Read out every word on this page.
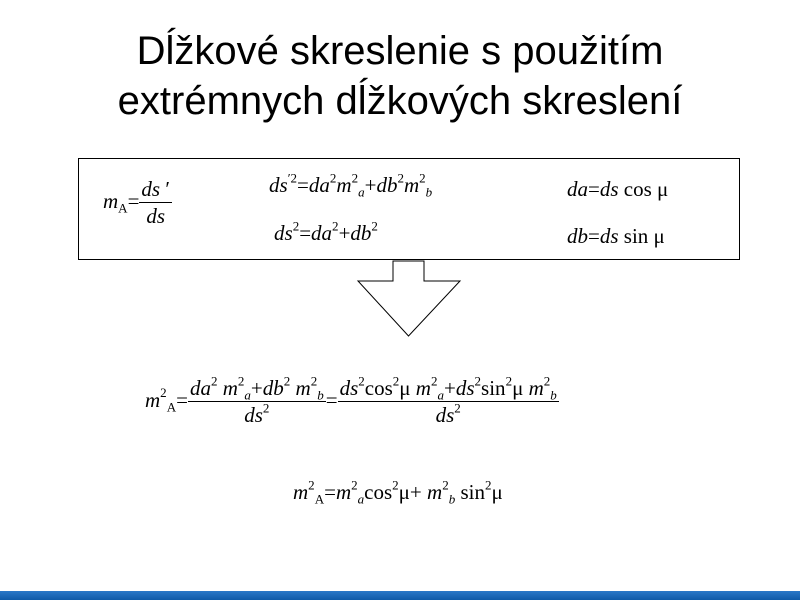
Dĺžkové skreslenie s použitím
extrémnych dĺžkových skreslení
$m_A= \frac{ds '}{ds}$	$ds^{'2}=da^2m^2_a+db^2m^2_b$
$ds^2=da^2+db^2$
da=ds cos μ
db=ds sin μ
$m^2_A= \frac{da^2 m^2_a+db^2 m^2_b}{ds^2} = \frac{ds^2\cos^2\mu m^2_a+ds^2\sin^2\mu m^2_b}{ds^2}$
$m^2_A=m^2_a\cos^2\mu+ m^2_b$ $\sin^2\mu$
